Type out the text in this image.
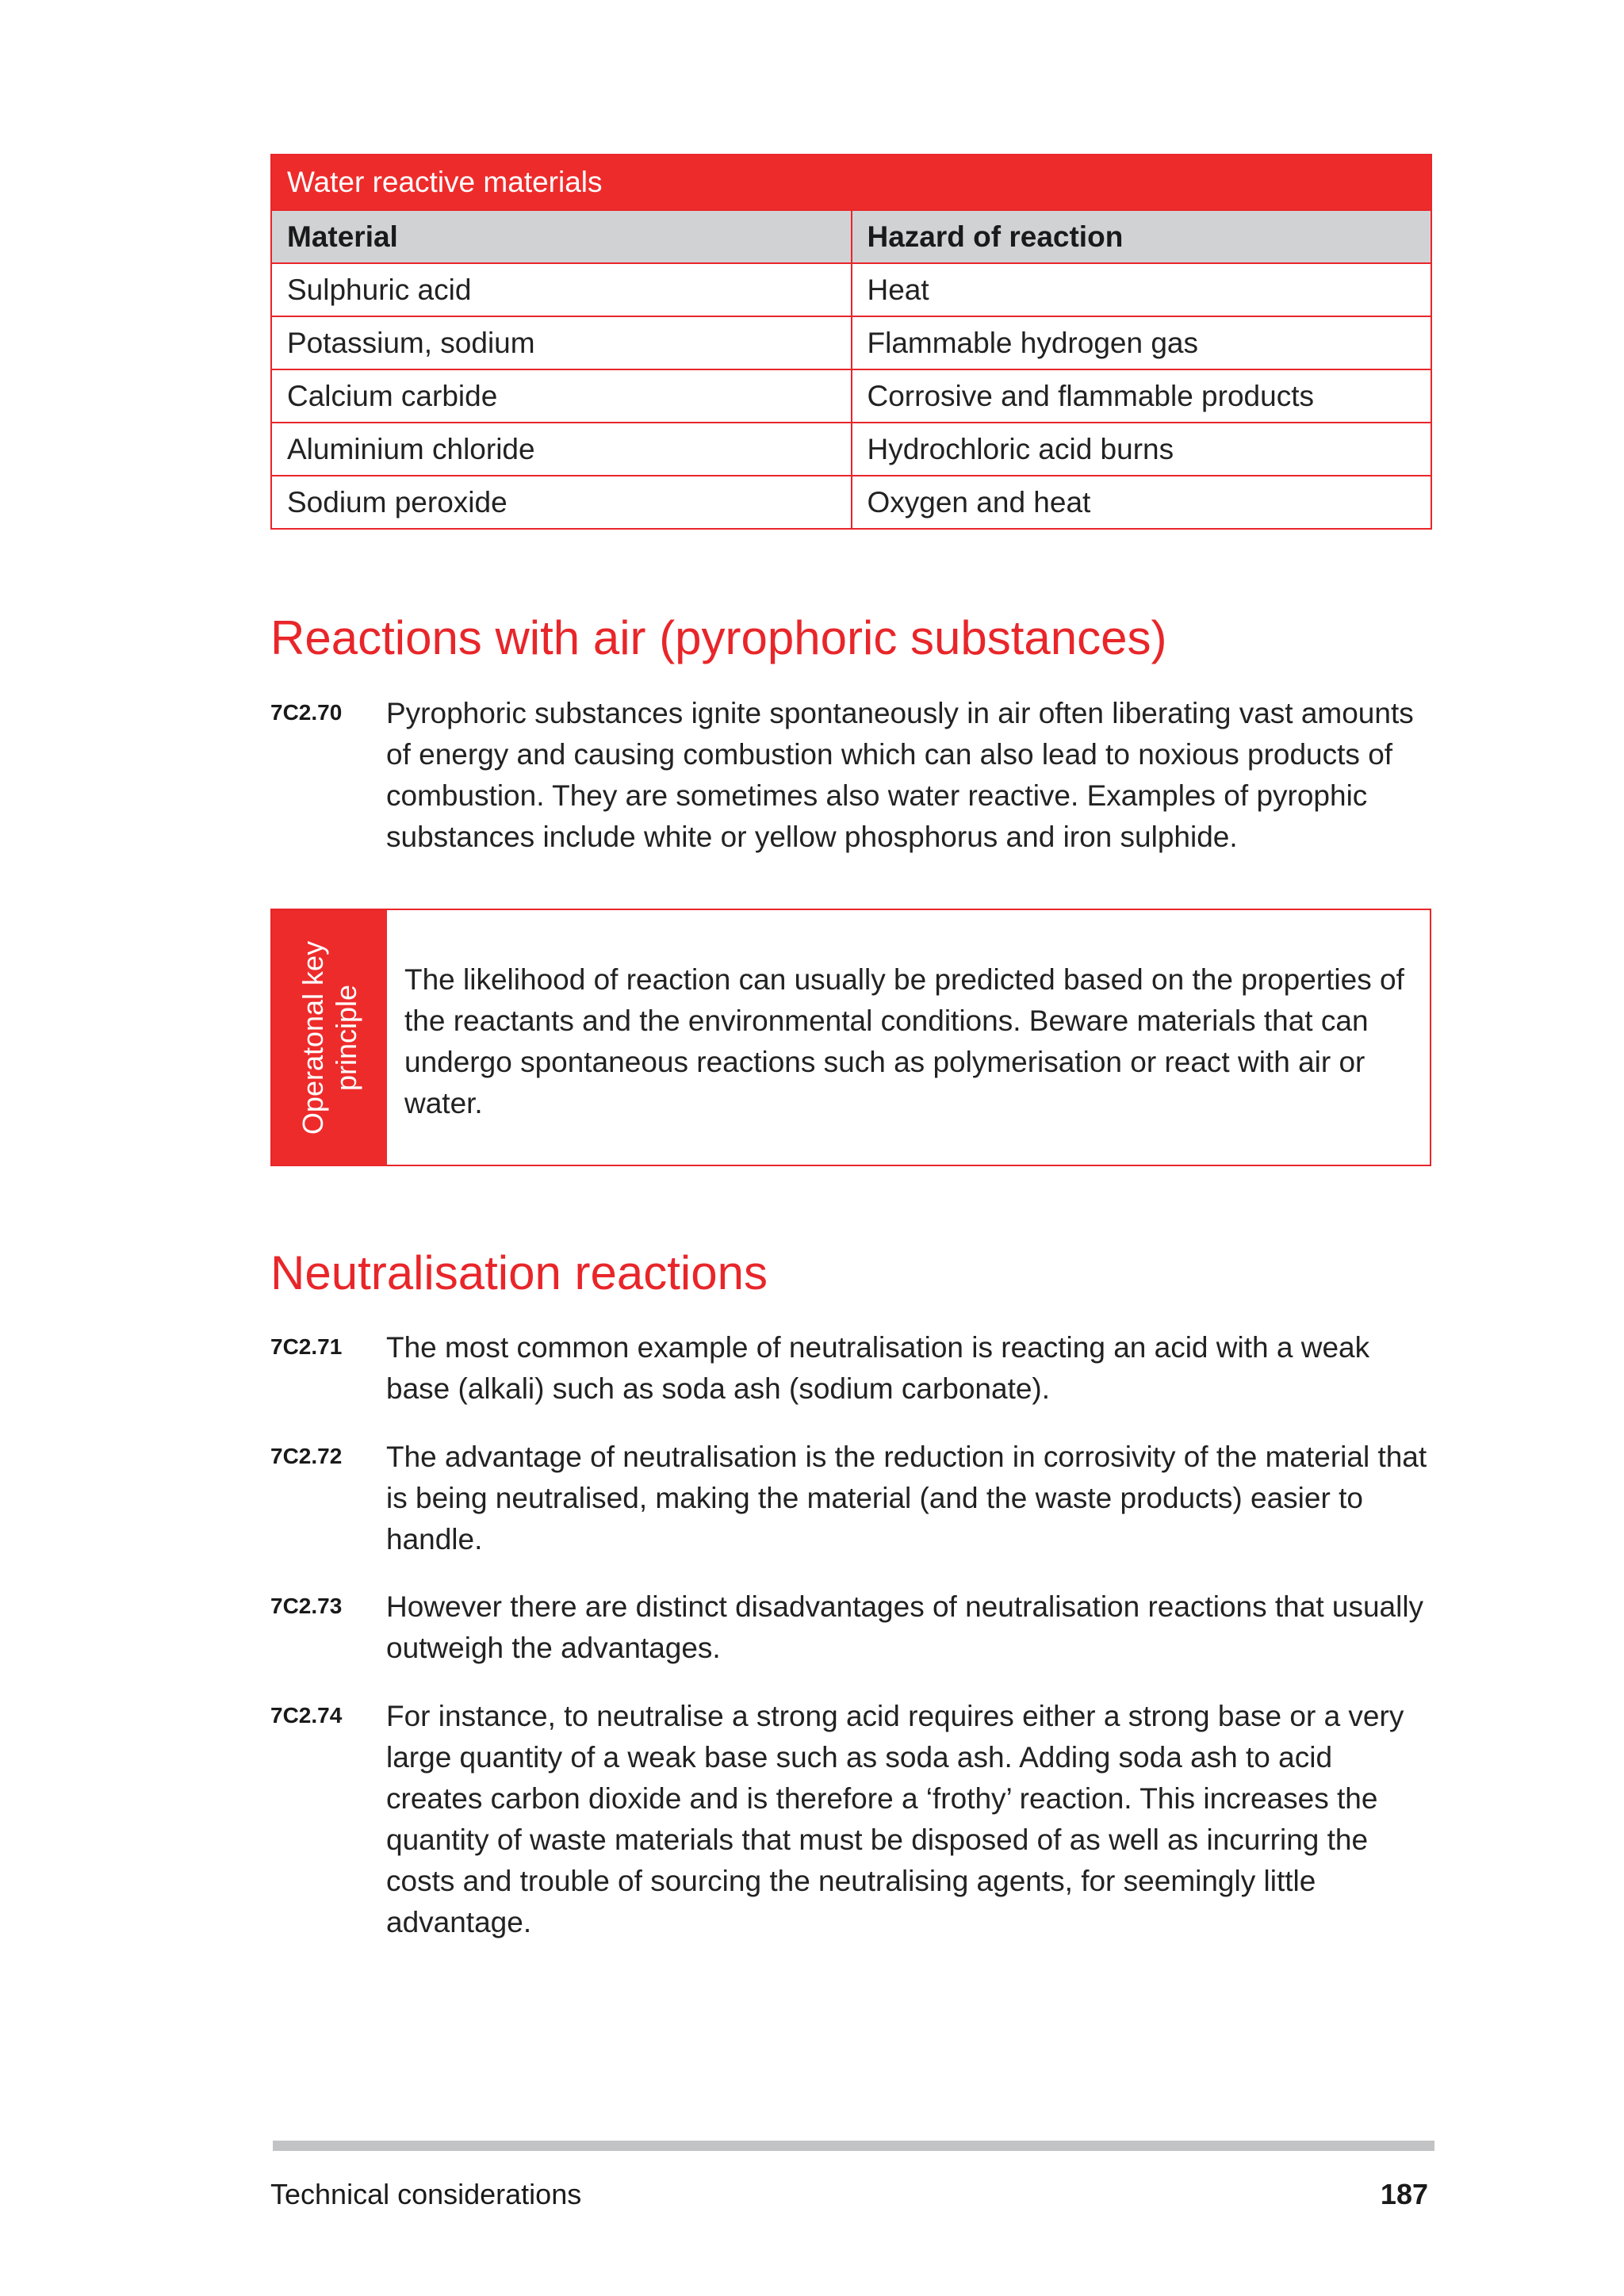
Water reactive materials	
Material	Hazard of reaction
Sulphuric acid	Heat
Potassium, sodium	Flammable hydrogen gas
Calcium carbide	Corrosive and flammable products
Aluminium chloride	Hydrochloric acid burns
Sodium peroxide	Oxygen and heat
Reactions with air (pyrophoric substances)
7C2.70 Pyrophoric substances ignite spontaneously in air often liberating vast amounts of energy and causing combustion which can also lead to noxious products of combustion. They are sometimes also water reactive. Examples of pyrophic substances include white or yellow phosphorus and iron sulphide.
Operatonal key principle
The likelihood of reaction can usually be predicted based on the properties of the reactants and the environmental conditions. Beware materials that can undergo spontaneous reactions such as polymerisation or react with air or water.
Neutralisation reactions
7C2.71 The most common example of neutralisation is reacting an acid with a weak base (alkali) such as soda ash (sodium carbonate).
7C2.72 The advantage of neutralisation is the reduction in corrosivity of the material that is being neutralised, making the material (and the waste products) easier to handle.
7C2.73 However there are distinct disadvantages of neutralisation reactions that usually outweigh the advantages.
7C2.74 For instance, to neutralise a strong acid requires either a strong base or a very large quantity of a weak base such as soda ash. Adding soda ash to acid creates carbon dioxide and is therefore a ‘frothy’ reaction. This increases the quantity of waste materials that must be disposed of as well as incurring the costs and trouble of sourcing the neutralising agents, for seemingly little advantage.
Technical considerations	187
